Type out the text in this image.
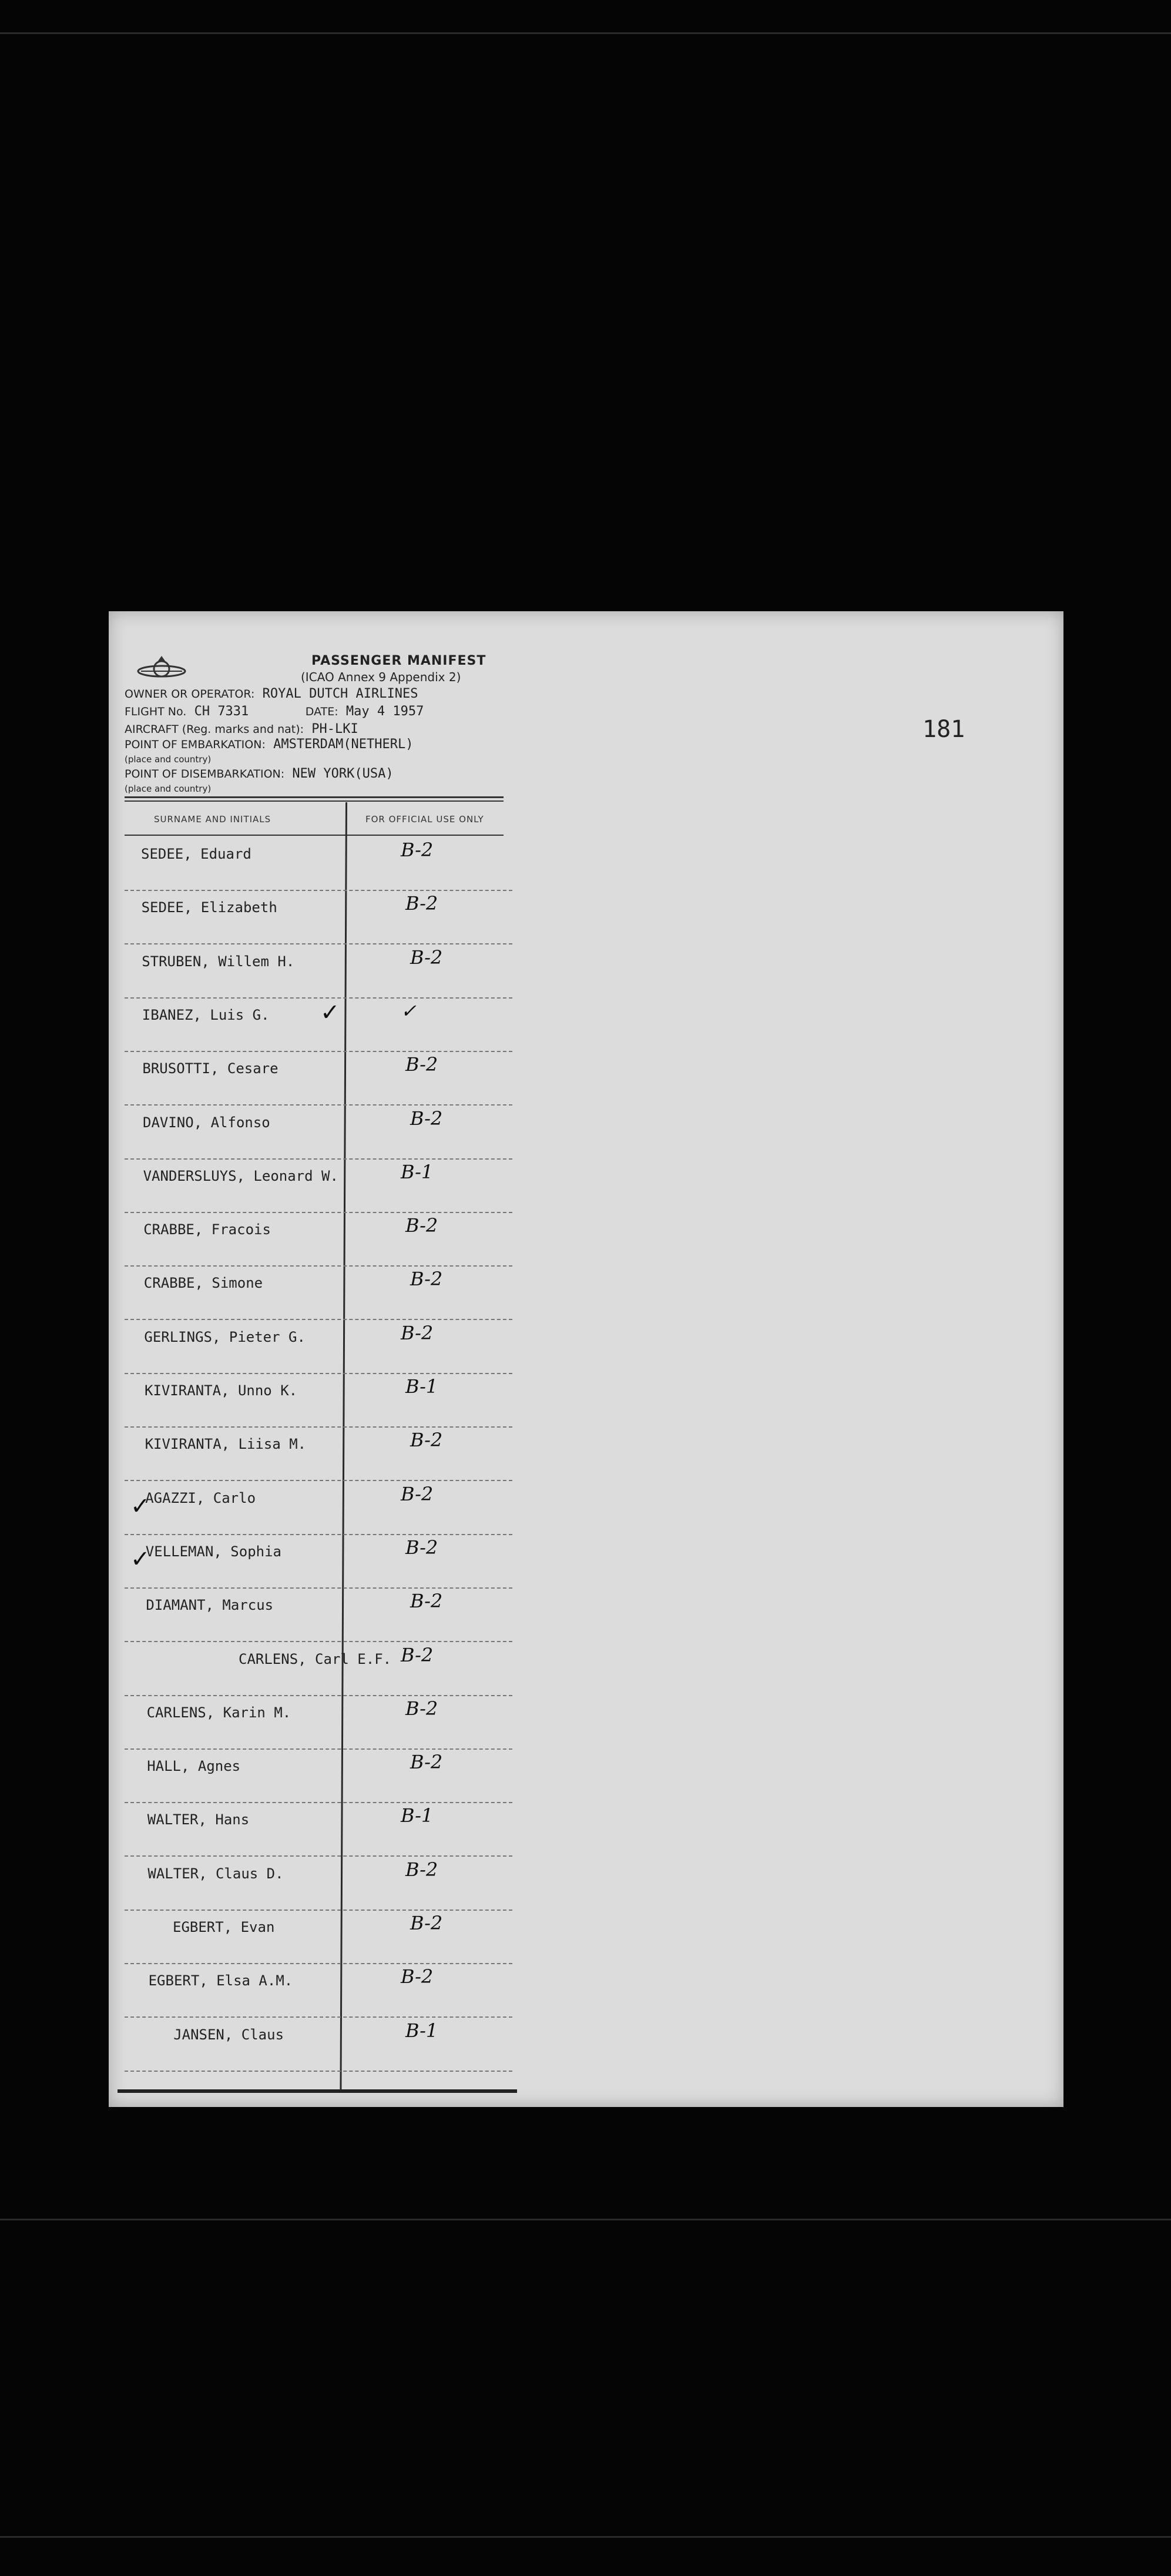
181
PASSENGER MANIFEST
(ICAO Annex 9 Appendix 2)
OWNER OR OPERATOR: ROYAL DUTCH AIRLINES
FLIGHT No. CH 7331	DATE: May 4 1957
AIRCRAFT (Reg. marks and nat): PH-LKI
POINT OF EMBARKATION: AMSTERDAM(NETHERL)
(place and country)
POINT OF DISEMBARKATION: NEW YORK(USA)
(place and country)
SURNAME AND INITIALS	FOR OFFICIAL USE ONLY
SEDEE, Eduard	B-2
SEDEE, Elizabeth	B-2
STRUBEN, Willem H.	B-2
IBANEZ, Luis G.	✓
BRUSOTTI, Cesare	B-2
DAVINO, Alfonso	B-2
VANDERSLUYS, Leonard W.	B-1
CRABBE, Fracois	B-2
CRABBE, Simone	B-2
GERLINGS, Pieter G.	B-2
KIVIRANTA, Unno K.	B-1
KIVIRANTA, Liisa M.	B-2
AGAZZI, Carlo	B-2
VELLEMAN, Sophia	B-2
DIAMANT, Marcus	B-2
CARLENS, Carl E.F. B-2
CARLENS, Karin M.	B-2
HALL, Agnes	B-2
WALTER, Hans	B-1
WALTER, Claus D.	B-2
EGBERT, Evan	B-2
EGBERT, Elsa A.M.	B-2
JANSEN, Claus	B-1
✓
✓
✓
